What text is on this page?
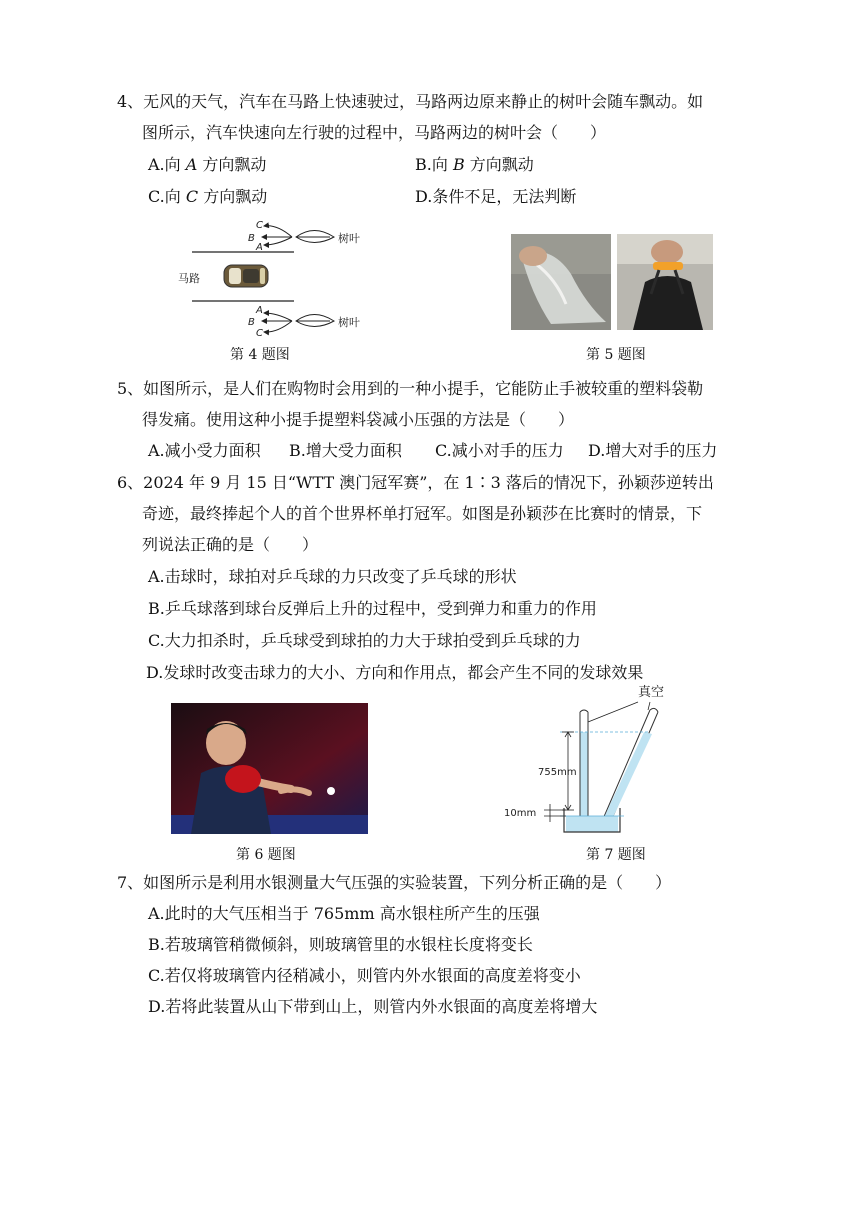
4、无风的天气，汽车在马路上快速驶过，马路两边原来静止的树叶会随车飘动。如
图所示，汽车快速向左行驶的过程中，马路两边的树叶会（　　）
A.向 A 方向飘动	B.向 B 方向飘动
C.向 C 方向飘动	D.条件不足，无法判断
马路
C
B
A
树叶
A
B
C
树叶
第 4 题图	第 5 题图
5、如图所示，是人们在购物时会用到的一种小提手，它能防止手被较重的塑料袋勒
得发痛。使用这种小提手提塑料袋减小压强的方法是（　　）
A.减小受力面积 B.增大受力面积 C.减小对手的压力 D.增大对手的压力
6、2024 年 9 月 15 日“WTT 澳门冠军赛”，在 1∶3 落后的情况下，孙颖莎逆转出
奇迹，最终捧起个人的首个世界杯单打冠军。如图是孙颖莎在比赛时的情景，下
列说法正确的是（　　）
A.击球时，球拍对乒乓球的力只改变了乒乓球的形状
B.乒乓球落到球台反弹后上升的过程中，受到弹力和重力的作用
C.大力扣杀时，乒乓球受到球拍的力大于球拍受到乒乓球的力
D.发球时改变击球力的大小、方向和作用点，都会产生不同的发球效果
第 6 题图
真空
755mm
10mm
第 7 题图
7、如图所示是利用水银测量大气压强的实验装置，下列分析正确的是（　　）
A.此时的大气压相当于 765mm 高水银柱所产生的压强
B.若玻璃管稍微倾斜，则玻璃管里的水银柱长度将变长
C.若仅将玻璃管内径稍减小，则管内外水银面的高度差将变小
D.若将此装置从山下带到山上，则管内外水银面的高度差将增大
